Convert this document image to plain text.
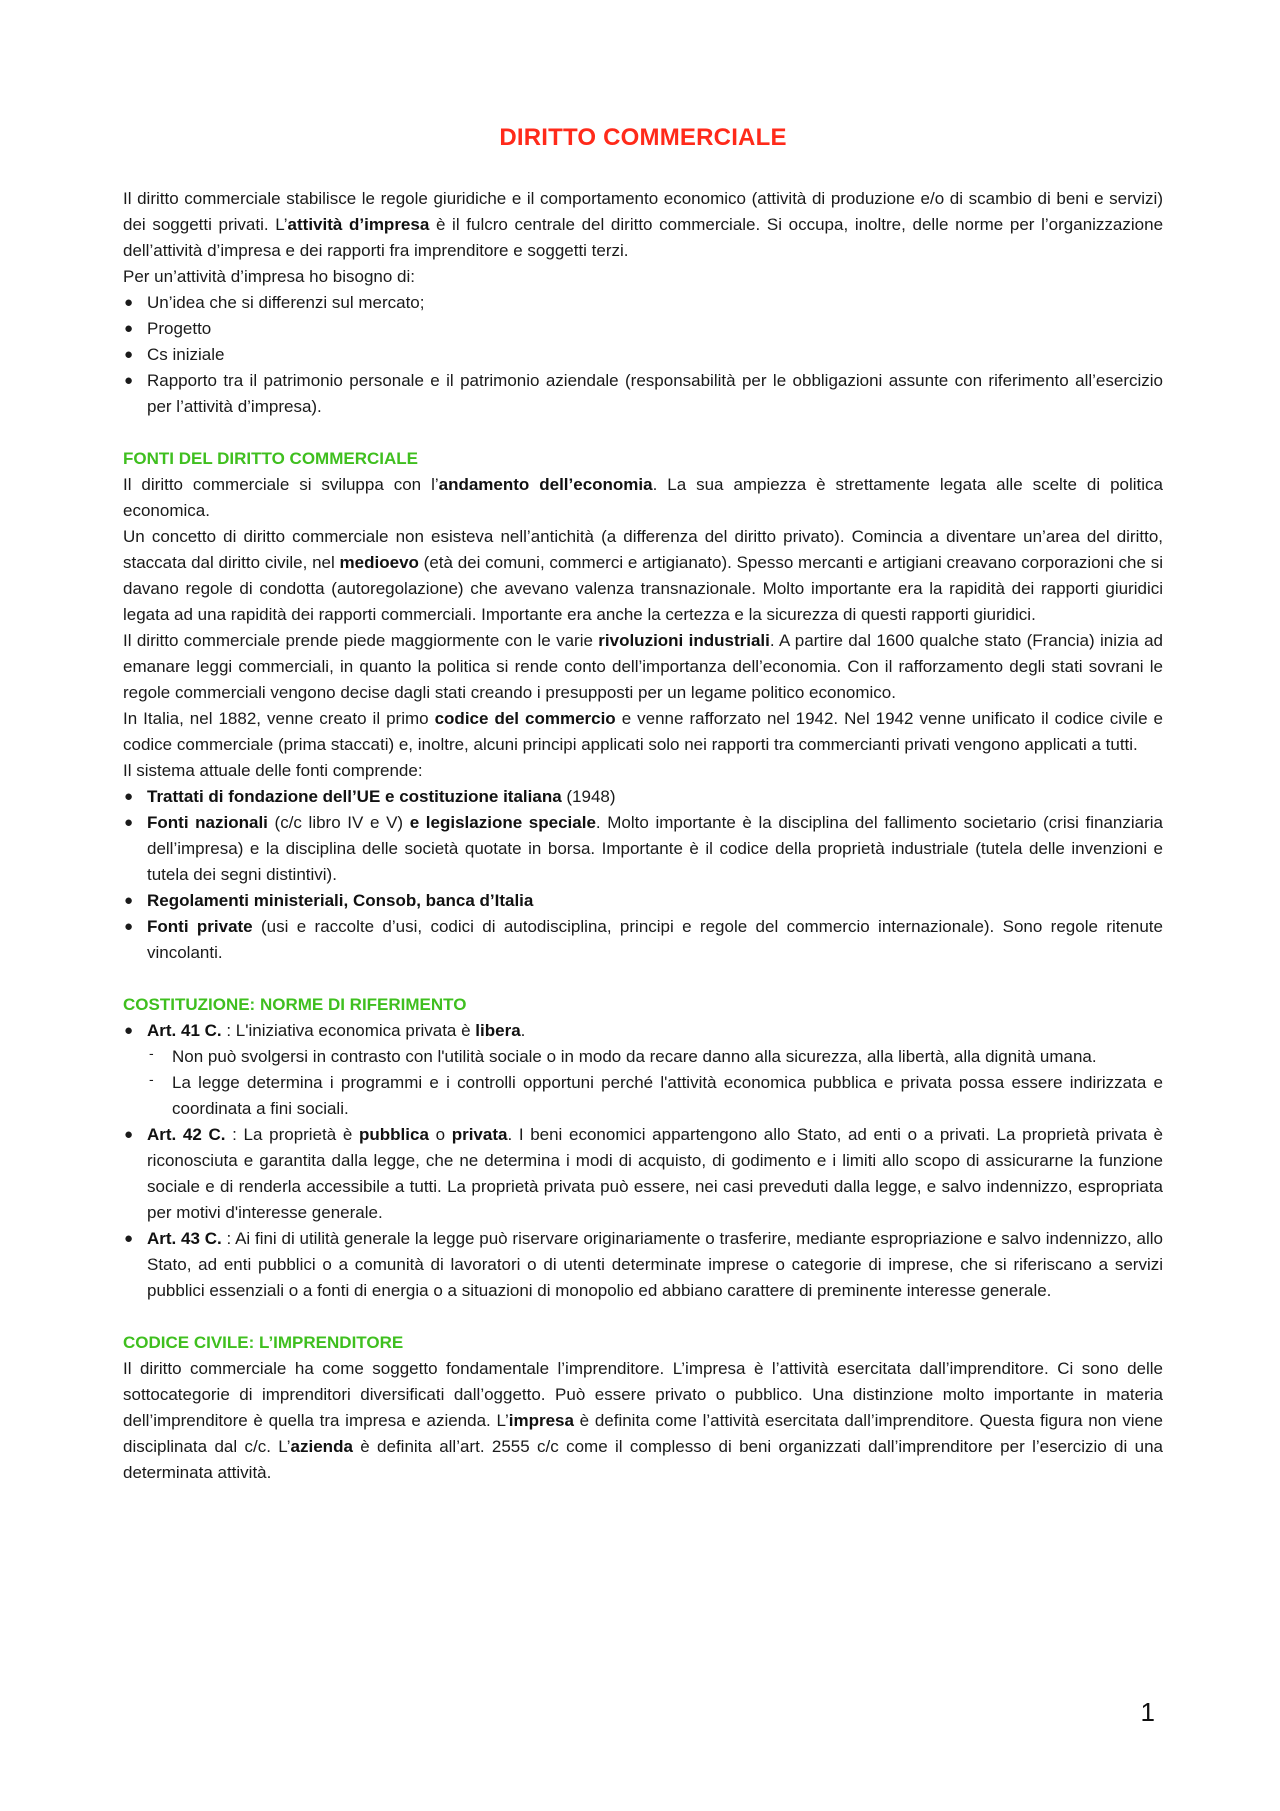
DIRITTO COMMERCIALE

Il diritto commerciale stabilisce le regole giuridiche e il comportamento economico (attività di produzione e/o di scambio di beni e servizi) dei soggetti privati. L’attività d’impresa è il fulcro centrale del diritto commerciale. Si occupa, inoltre, delle norme per l’organizzazione dell’attività d’impresa e dei rapporti fra imprenditore e soggetti terzi.

Per un’attività d’impresa ho bisogno di:

● Un’idea che si differenzi sul mercato;
● Progetto
● Cs iniziale
● Rapporto tra il patrimonio personale e il patrimonio aziendale (responsabilità per le obbligazioni assunte con riferimento all’esercizio per l’attività d’impresa).

FONTI DEL DIRITTO COMMERCIALE

Il diritto commerciale si sviluppa con l’andamento dell’economia. La sua ampiezza è strettamente legata alle scelte di politica economica.

Un concetto di diritto commerciale non esisteva nell’antichità (a differenza del diritto privato). Comincia a diventare un’area del diritto, staccata dal diritto civile, nel medioevo (età dei comuni, commerci e artigianato). Spesso mercanti e artigiani creavano corporazioni che si davano regole di condotta (autoregolazione) che avevano valenza transnazionale. Molto importante era la rapidità dei rapporti giuridici legata ad una rapidità dei rapporti commerciali. Importante era anche la certezza e la sicurezza di questi rapporti giuridici.

Il diritto commerciale prende piede maggiormente con le varie rivoluzioni industriali. A partire dal 1600 qualche stato (Francia) inizia ad emanare leggi commerciali, in quanto la politica si rende conto dell’importanza dell’economia. Con il rafforzamento degli stati sovrani le regole commerciali vengono decise dagli stati creando i presupposti per un legame politico economico.

In Italia, nel 1882, venne creato il primo codice del commercio e venne rafforzato nel 1942. Nel 1942 venne unificato il codice civile e codice commerciale (prima staccati) e, inoltre, alcuni principi applicati solo nei rapporti tra commercianti privati vengono applicati a tutti.

Il sistema attuale delle fonti comprende:

● Trattati di fondazione dell’UE e costituzione italiana (1948)
● Fonti nazionali (c/c libro IV e V) e legislazione speciale. Molto importante è la disciplina del fallimento societario (crisi finanziaria dell’impresa) e la disciplina delle società quotate in borsa. Importante è il codice della proprietà industriale (tutela delle invenzioni e tutela dei segni distintivi).
● Regolamenti ministeriali, Consob, banca d’Italia
● Fonti private (usi e raccolte d’usi, codici di autodisciplina, principi e regole del commercio internazionale). Sono regole ritenute vincolanti.

COSTITUZIONE: NORME DI RIFERIMENTO

● Art. 41 C. : L'iniziativa economica privata è libera.
- Non può svolgersi in contrasto con l'utilità sociale o in modo da recare danno alla sicurezza, alla libertà, alla dignità umana.
- La legge determina i programmi e i controlli opportuni perché l'attività economica pubblica e privata possa essere indirizzata e coordinata a fini sociali.
● Art. 42 C. : La proprietà è pubblica o privata. I beni economici appartengono allo Stato, ad enti o a privati. La proprietà privata è riconosciuta e garantita dalla legge, che ne determina i modi di acquisto, di godimento e i limiti allo scopo di assicurarne la funzione sociale e di renderla accessibile a tutti. La proprietà privata può essere, nei casi preveduti dalla legge, e salvo indennizzo, espropriata per motivi d'interesse generale.
● Art. 43 C. : Ai fini di utilità generale la legge può riservare originariamente o trasferire, mediante espropriazione e salvo indennizzo, allo Stato, ad enti pubblici o a comunità di lavoratori o di utenti determinate imprese o categorie di imprese, che si riferiscano a servizi pubblici essenziali o a fonti di energia o a situazioni di monopolio ed abbiano carattere di preminente interesse generale.

CODICE CIVILE: L’IMPRENDITORE

Il diritto commerciale ha come soggetto fondamentale l’imprenditore. L’impresa è l’attività esercitata dall’imprenditore. Ci sono delle sottocategorie di imprenditori diversificati dall’oggetto. Può essere privato o pubblico. Una distinzione molto importante in materia dell’imprenditore è quella tra impresa e azienda. L’impresa è definita come l’attività esercitata dall’imprenditore. Questa figura non viene disciplinata dal c/c. L’azienda è definita all’art. 2555 c/c come il complesso di beni organizzati dall’imprenditore per l’esercizio di una determinata attività.

1
